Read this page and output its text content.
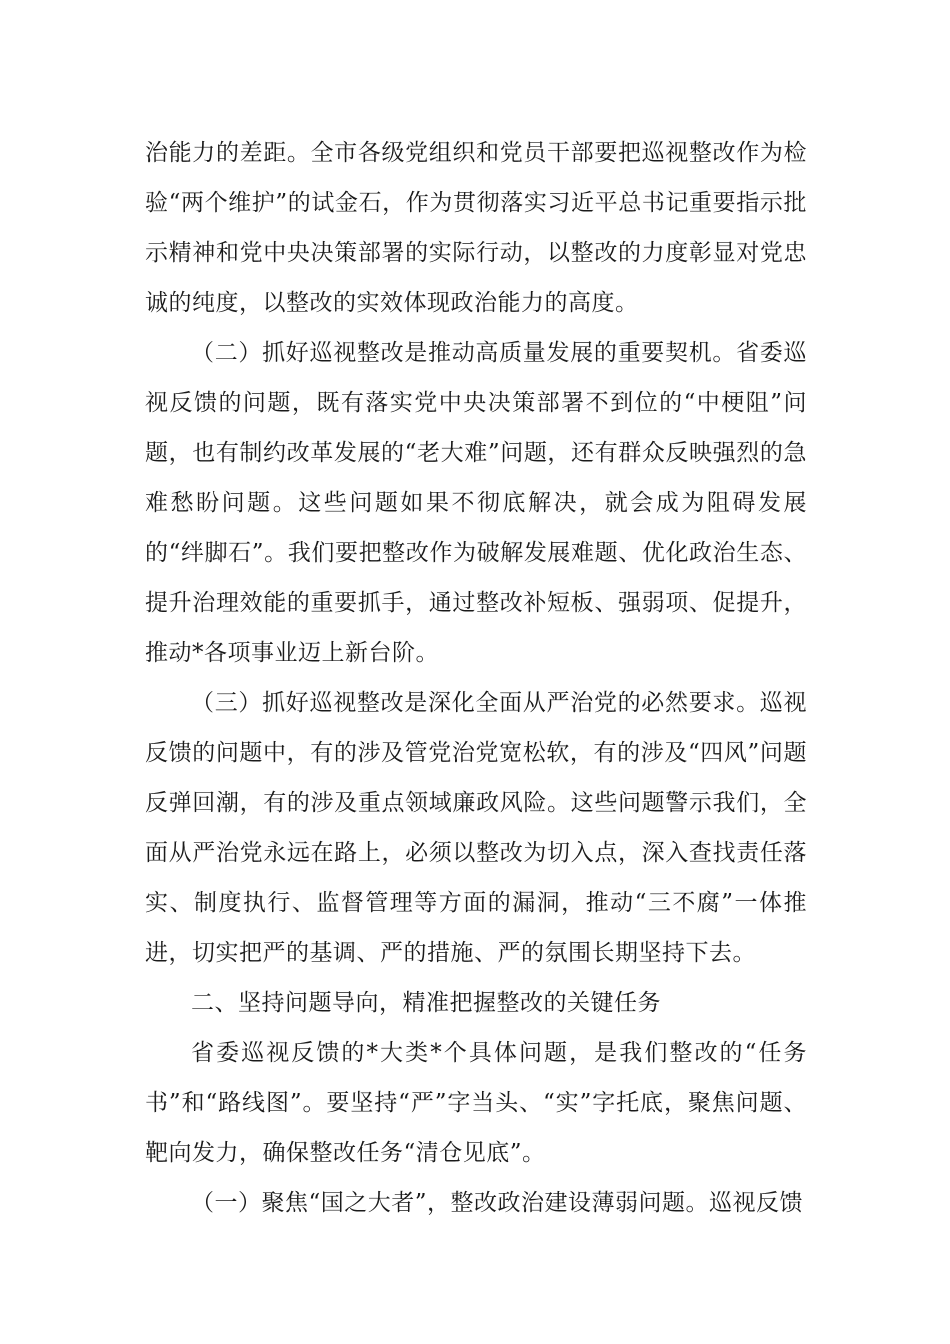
治能力的差距。全市各级党组织和党员干部要把巡视整改作为检验“两个维护”的试金石，作为贯彻落实习近平总书记重要指示批示精神和党中央决策部署的实际行动，以整改的力度彰显对党忠诚的纯度，以整改的实效体现政治能力的高度。

（二）抓好巡视整改是推动高质量发展的重要契机。省委巡视反馈的问题，既有落实党中央决策部署不到位的“中梗阻”问题，也有制约改革发展的“老大难”问题，还有群众反映强烈的急难愁盼问题。这些问题如果不彻底解决，就会成为阻碍发展的“绊脚石”。我们要把整改作为破解发展难题、优化政治生态、提升治理效能的重要抓手，通过整改补短板、强弱项、促提升，推动*各项事业迈上新台阶。

（三）抓好巡视整改是深化全面从严治党的必然要求。巡视反馈的问题中，有的涉及管党治党宽松软，有的涉及“四风”问题反弹回潮，有的涉及重点领域廉政风险。这些问题警示我们，全面从严治党永远在路上，必须以整改为切入点，深入查找责任落实、制度执行、监督管理等方面的漏洞，推动“三不腐”一体推进，切实把严的基调、严的措施、严的氛围长期坚持下去。

二、坚持问题导向，精准把握整改的关键任务

省委巡视反馈的*大类*个具体问题，是我们整改的“任务书”和“路线图”。要坚持“严”字当头、“实”字托底，聚焦问题、靶向发力，确保整改任务“清仓见底”。

（一）聚焦“国之大者”，整改政治建设薄弱问题。巡视反馈
